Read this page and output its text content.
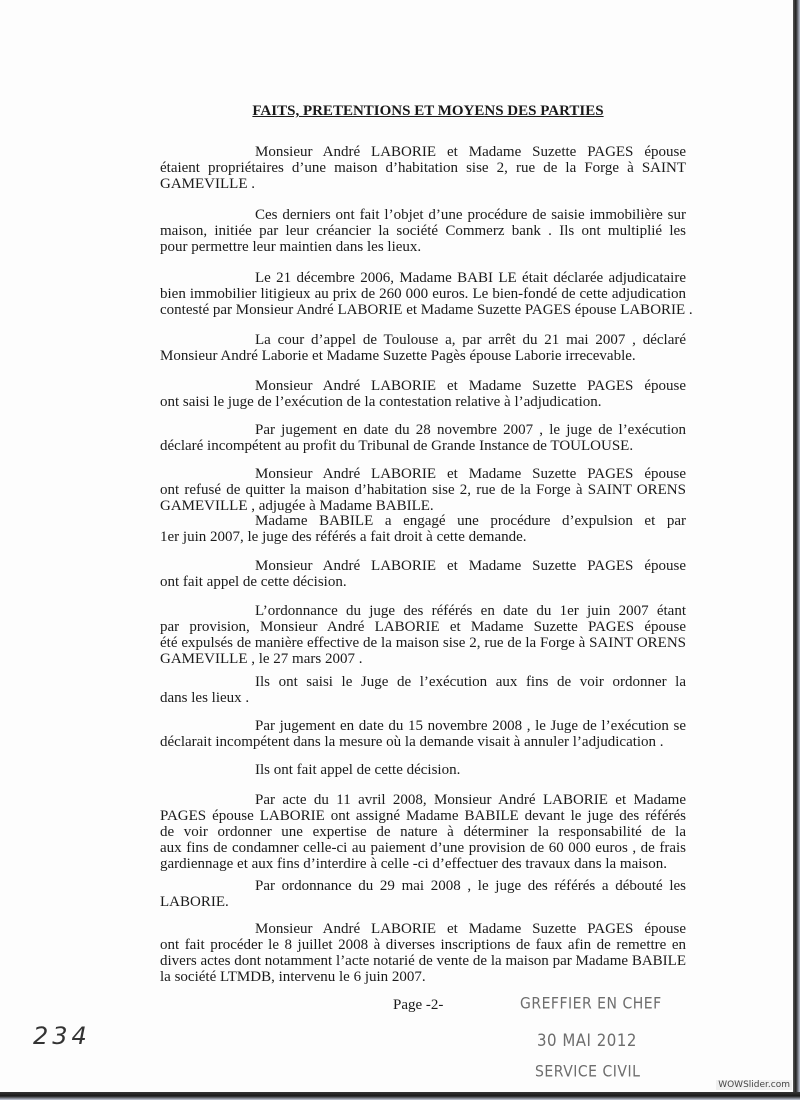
FAITS, PRETENTIONS ET MOYENS DES PARTIES
Monsieur André LABORIE et Madame Suzette PAGES épouse
étaient propriétaires d’une maison d’habitation sise 2, rue de la Forge à SAINT
GAMEVILLE .
Ces derniers ont fait l’objet d’une procédure de saisie immobilière sur
maison, initiée par leur créancier la société Commerz bank . Ils ont multiplié les
pour permettre leur maintien dans les lieux.
Le 21 décembre 2006, Madame BABI LE était déclarée adjudicataire
bien immobilier litigieux au prix de 260 000 euros. Le bien-fondé de cette adjudication
contesté par Monsieur André LABORIE et Madame Suzette PAGES épouse LABORIE .
La cour d’appel de Toulouse a, par arrêt du 21 mai 2007 , déclaré
Monsieur André Laborie et Madame Suzette Pagès épouse Laborie irrecevable.
Monsieur André LABORIE et Madame Suzette PAGES épouse
ont saisi le juge de l’exécution de la contestation relative à l’adjudication.
Par jugement en date du 28 novembre 2007 , le juge de l’exécution
déclaré incompétent au profit du Tribunal de Grande Instance de TOULOUSE.
Monsieur André LABORIE et Madame Suzette PAGES épouse
ont refusé de quitter la maison d’habitation sise 2, rue de la Forge à SAINT ORENS
GAMEVILLE , adjugée à Madame BABILE.
Madame BABILE a engagé une procédure d’expulsion et par
1er juin 2007, le juge des référés a fait droit à cette demande.
Monsieur André LABORIE et Madame Suzette PAGES épouse
ont fait appel de cette décision.
L’ordonnance du juge des référés en date du 1er juin 2007 étant
par provision, Monsieur André LABORIE et Madame Suzette PAGES épouse
été expulsés de manière effective de la maison sise 2, rue de la Forge à SAINT ORENS
GAMEVILLE , le 27 mars 2007 .
Ils ont saisi le Juge de l’exécution aux fins de voir ordonner la
dans les lieux .
Par jugement en date du 15 novembre 2008 , le Juge de l’exécution se
déclarait incompétent dans la mesure où la demande visait à annuler l’adjudication .
Ils ont fait appel de cette décision.
Par acte du 11 avril 2008, Monsieur André LABORIE et Madame
PAGES épouse LABORIE ont assigné Madame BABILE devant le juge des référés
de voir ordonner une expertise de nature à déterminer la responsabilité de la
aux fins de condamner celle-ci au paiement d’une provision de 60 000 euros , de frais
gardiennage et aux fins d’interdire à celle -ci d’effectuer des travaux dans la maison.
Par ordonnance du 29 mai 2008 , le juge des référés a débouté les
LABORIE.
Monsieur André LABORIE et Madame Suzette PAGES épouse
ont fait procéder le 8 juillet 2008 à diverses inscriptions de faux afin de remettre en
divers actes dont notamment l’acte notarié de vente de la maison par Madame BABILE
la société LTMDB, intervenu le 6 juin 2007.
Page -2-	GREFFIER EN CHEF
30 MAI 2012
SERVICE CIVIL
234
WOWSlider.com
